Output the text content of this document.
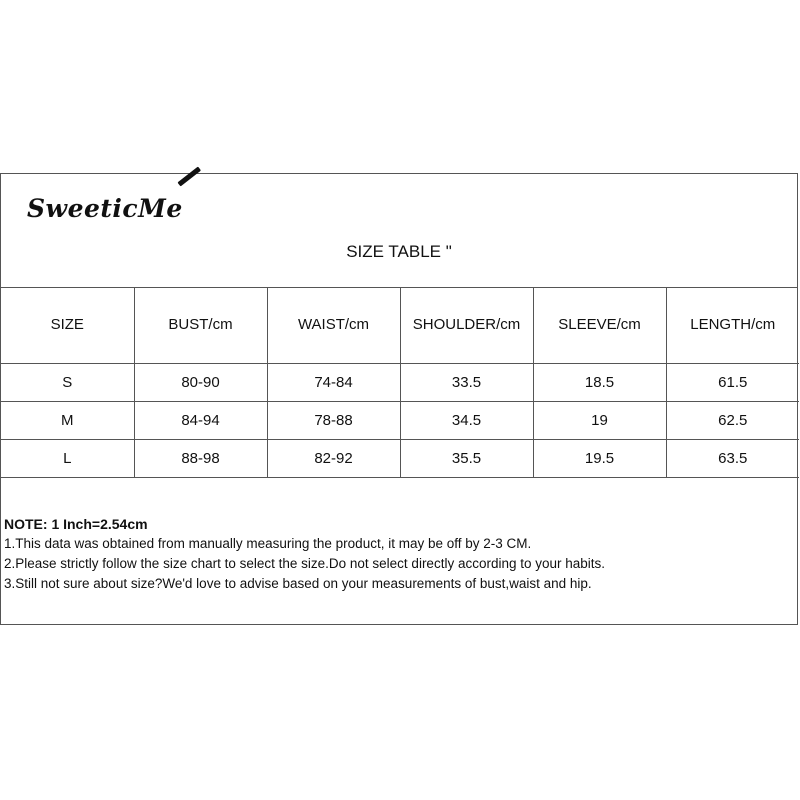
SweeticMe
SIZE TABLE "
SIZE	BUST/cm	WAIST/cm	SHOULDER/cm	SLEEVE/cm	LENGTH/cm
S	80-90	74-84	33.5	18.5	61.5
M	84-94	78-88	34.5	19	62.5
L	88-98	82-92	35.5	19.5	63.5
NOTE: 1 Inch=2.54cm
1.This data was obtained from manually measuring the product, it may be off by 2-3 CM.
2.Please strictly follow the size chart to select the size.Do not select directly according to your habits.
3.Still not sure about size?We'd love to advise based on your measurements of bust,waist and hip.
